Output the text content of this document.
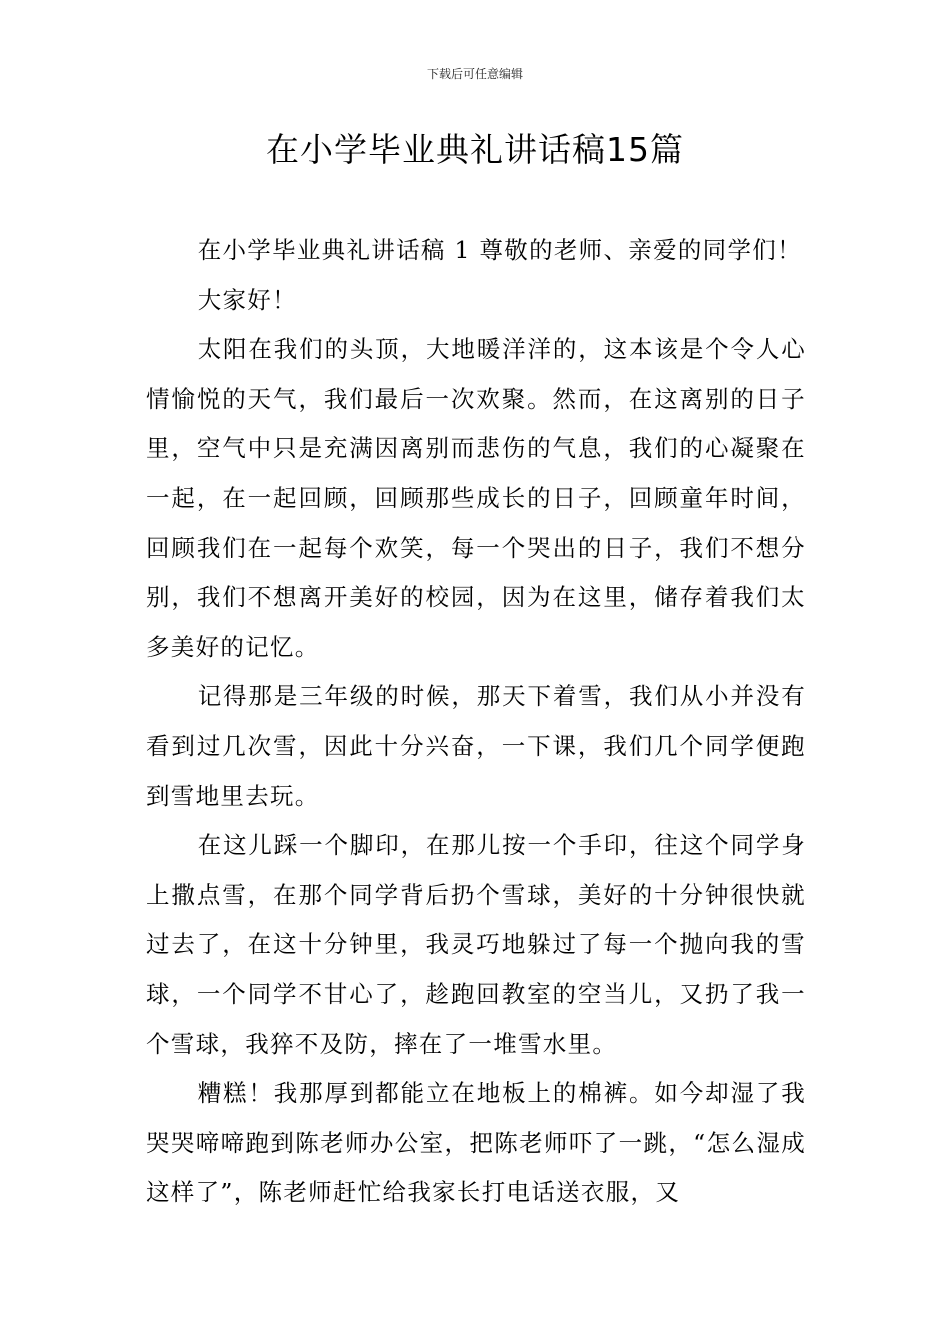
下载后可任意编辑
在小学毕业典礼讲话稿15篇

在小学毕业典礼讲话稿 1 尊敬的老师、亲爱的同学们！

大家好！

太阳在我们的头顶，大地暖洋洋的，这本该是个令人心情愉悦的天气，我们最后一次欢聚。然而，在这离别的日子里，空气中只是充满因离别而悲伤的气息，我们的心凝聚在一起，在一起回顾，回顾那些成长的日子，回顾童年时间，回顾我们在一起每个欢笑，每一个哭出的日子，我们不想分别，我们不想离开美好的校园，因为在这里，储存着我们太多美好的记忆。

记得那是三年级的时候，那天下着雪，我们从小并没有看到过几次雪，因此十分兴奋，一下课，我们几个同学便跑到雪地里去玩。

在这儿踩一个脚印，在那儿按一个手印，往这个同学身上撒点雪，在那个同学背后扔个雪球，美好的十分钟很快就过去了，在这十分钟里，我灵巧地躲过了每一个抛向我的雪球，一个同学不甘心了，趁跑回教室的空当儿，又扔了我一个雪球，我猝不及防，摔在了一堆雪水里。

糟糕！我那厚到都能立在地板上的棉裤。如今却湿了我哭哭啼啼跑到陈老师办公室，把陈老师吓了一跳，“怎么湿成这样了”，陈老师赶忙给我家长打电话送衣服，又
